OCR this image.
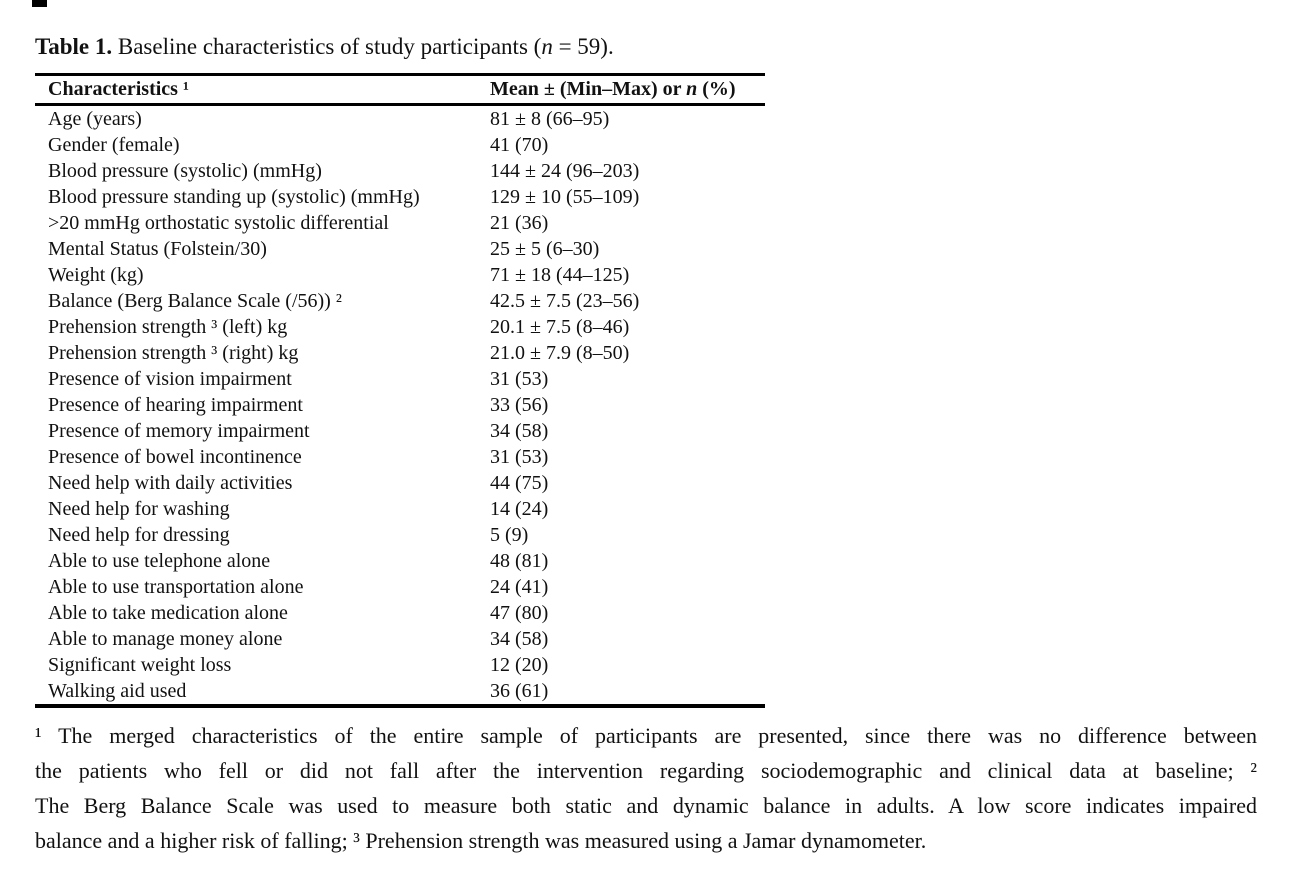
Table 1. Baseline characteristics of study participants (n = 59).

Characteristics ¹	Mean ± (Min–Max) or n (%)
Age (years)	81 ± 8 (66–95)
Gender (female)	41 (70)
Blood pressure (systolic) (mmHg)	144 ± 24 (96–203)
Blood pressure standing up (systolic) (mmHg)	129 ± 10 (55–109)
>20 mmHg orthostatic systolic differential	21 (36)
Mental Status (Folstein/30)	25 ± 5 (6–30)
Weight (kg)	71 ± 18 (44–125)
Balance (Berg Balance Scale (/56)) ²	42.5 ± 7.5 (23–56)
Prehension strength ³ (left) kg	20.1 ± 7.5 (8–46)
Prehension strength ³ (right) kg	21.0 ± 7.9 (8–50)
Presence of vision impairment	31 (53)
Presence of hearing impairment	33 (56)
Presence of memory impairment	34 (58)
Presence of bowel incontinence	31 (53)
Need help with daily activities	44 (75)
Need help for washing	14 (24)
Need help for dressing	5 (9)
Able to use telephone alone	48 (81)
Able to use transportation alone	24 (41)
Able to take medication alone	47 (80)
Able to manage money alone	34 (58)
Significant weight loss	12 (20)
Walking aid used	36 (61)
¹ The merged characteristics of the entire sample of participants are presented, since there was no difference between
the patients who fell or did not fall after the intervention regarding sociodemographic and clinical data at baseline; ²
The Berg Balance Scale was used to measure both static and dynamic balance in adults. A low score indicates impaired
balance and a higher risk of falling; ³ Prehension strength was measured using a Jamar dynamometer.
